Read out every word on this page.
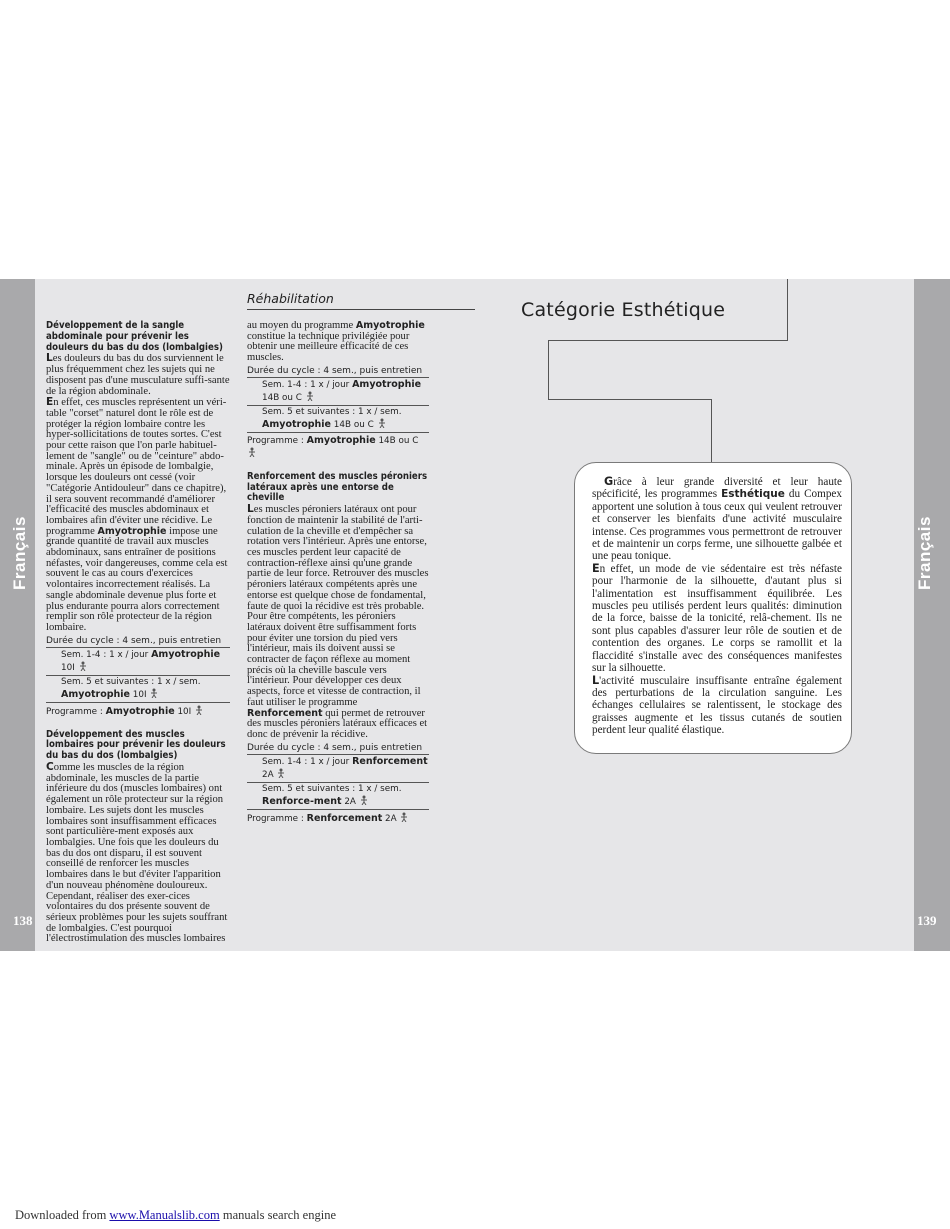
Français	Français
138	139

Développement de la sangle abdominale pour prévenir les douleurs du bas du dos (lombalgies)

Les douleurs du bas du dos surviennent le plus fréquemment chez les sujets qui ne disposent pas d'une musculature suffi-sante de la région abdominale.

En effet, ces muscles représentent un véri-table "corset" naturel dont le rôle est de protéger la région lombaire contre les hyper-sollicitations de toutes sortes. C'est pour cette raison que l'on parle habituel-lement de "sangle" ou de "ceinture" abdo-minale. Après un épisode de lombalgie, lorsque les douleurs ont cessé (voir "Catégorie Antidouleur" dans ce chapitre), il sera souvent recommandé d'améliorer l'efficacité des muscles abdominaux et lombaires afin d'éviter une récidive. Le programme Amyotrophie impose une grande quantité de travail aux muscles abdominaux, sans entraîner de positions néfastes, voir dangereuses, comme cela est souvent le cas au cours d'exercices volontaires incorrectement réalisés. La sangle abdominale devenue plus forte et plus endurante pourra alors correctement remplir son rôle protecteur de la région lombaire.

Durée du cycle : 4 sem., puis entretien
Sem. 1-4 : 1 x / jour Amyotrophie 10I
Sem. 5 et suivantes : 1 x / sem.
Amyotrophie 10I
Programme : Amyotrophie 10I

Développement des muscles lombaires pour prévenir les douleurs du bas du dos (lombalgies)

Comme les muscles de la région abdominale, les muscles de la partie inférieure du dos (muscles lombaires) ont également un rôle protecteur sur la région lombaire. Les sujets dont les muscles lombaires sont insuffisamment efficaces sont particulière-ment exposés aux lombalgies. Une fois que les douleurs du bas du dos ont disparu, il est souvent conseillé de renforcer les muscles lombaires dans le but d'éviter l'apparition d'un nouveau phénomène douloureux. Cependant, réaliser des exer-cices volontaires du dos présente souvent de sérieux problèmes pour les sujets souffrant de lombalgies. C'est pourquoi l'électrostimulation des muscles lombaires

Réhabilitation

au moyen du programme Amyotrophie constitue la technique privilégiée pour obtenir une meilleure efficacité de ces muscles.

Durée du cycle : 4 sem., puis entretien
Sem. 1-4 : 1 x / jour Amyotrophie 14B ou C
Sem. 5 et suivantes : 1 x / sem. Amyotrophie 14B ou C
Programme : Amyotrophie 14B ou C

Renforcement des muscles péroniers latéraux après une entorse de cheville

Les muscles péroniers latéraux ont pour fonction de maintenir la stabilité de l'arti-culation de la cheville et d'empêcher sa rotation vers l'intérieur. Après une entorse, ces muscles perdent leur capacité de contraction-réflexe ainsi qu'une grande partie de leur force. Retrouver des muscles péroniers latéraux compétents après une entorse est quelque chose de fondamental, faute de quoi la récidive est très probable. Pour être compétents, les péroniers latéraux doivent être suffisamment forts pour éviter une torsion du pied vers l'intérieur, mais ils doivent aussi se contracter de façon réflexe au moment précis où la cheville bascule vers l'intérieur. Pour développer ces deux aspects, force et vitesse de contraction, il faut utiliser le programme Renforcement qui permet de retrouver des muscles péroniers latéraux efficaces et donc de prévenir la récidive.

Durée du cycle : 4 sem., puis entretien
Sem. 1-4 : 1 x / jour Renforcement 2A
Sem. 5 et suivantes : 1 x / sem. Renforce-ment 2A
Programme : Renforcement 2A
Catégorie Esthétique

Grâce à leur grande diversité et leur haute spécificité, les programmes Esthétique du Compex apportent une solution à tous ceux qui veulent retrouver et conserver les bienfaits d'une activité musculaire intense. Ces programmes vous permettront de retrouver et de maintenir un corps ferme, une silhouette galbée et une peau tonique.

En effet, un mode de vie sédentaire est très néfaste pour l'harmonie de la silhouette, d'autant plus si l'alimentation est insuffisamment équilibrée. Les muscles peu utilisés perdent leurs qualités: diminution de la force, baisse de la tonicité, relâ-chement. Ils ne sont plus capables d'assurer leur rôle de soutien et de contention des organes. Le corps se ramollit et la flaccidité s'installe avec des conséquences manifestes sur la silhouette.

L'activité musculaire insuffisante entraîne également des perturbations de la circulation sanguine. Les échanges cellulaires se ralentissent, le stockage des graisses augmente et les tissus cutanés de soutien perdent leur qualité élastique.

Downloaded from www.Manualslib.com manuals search engine
